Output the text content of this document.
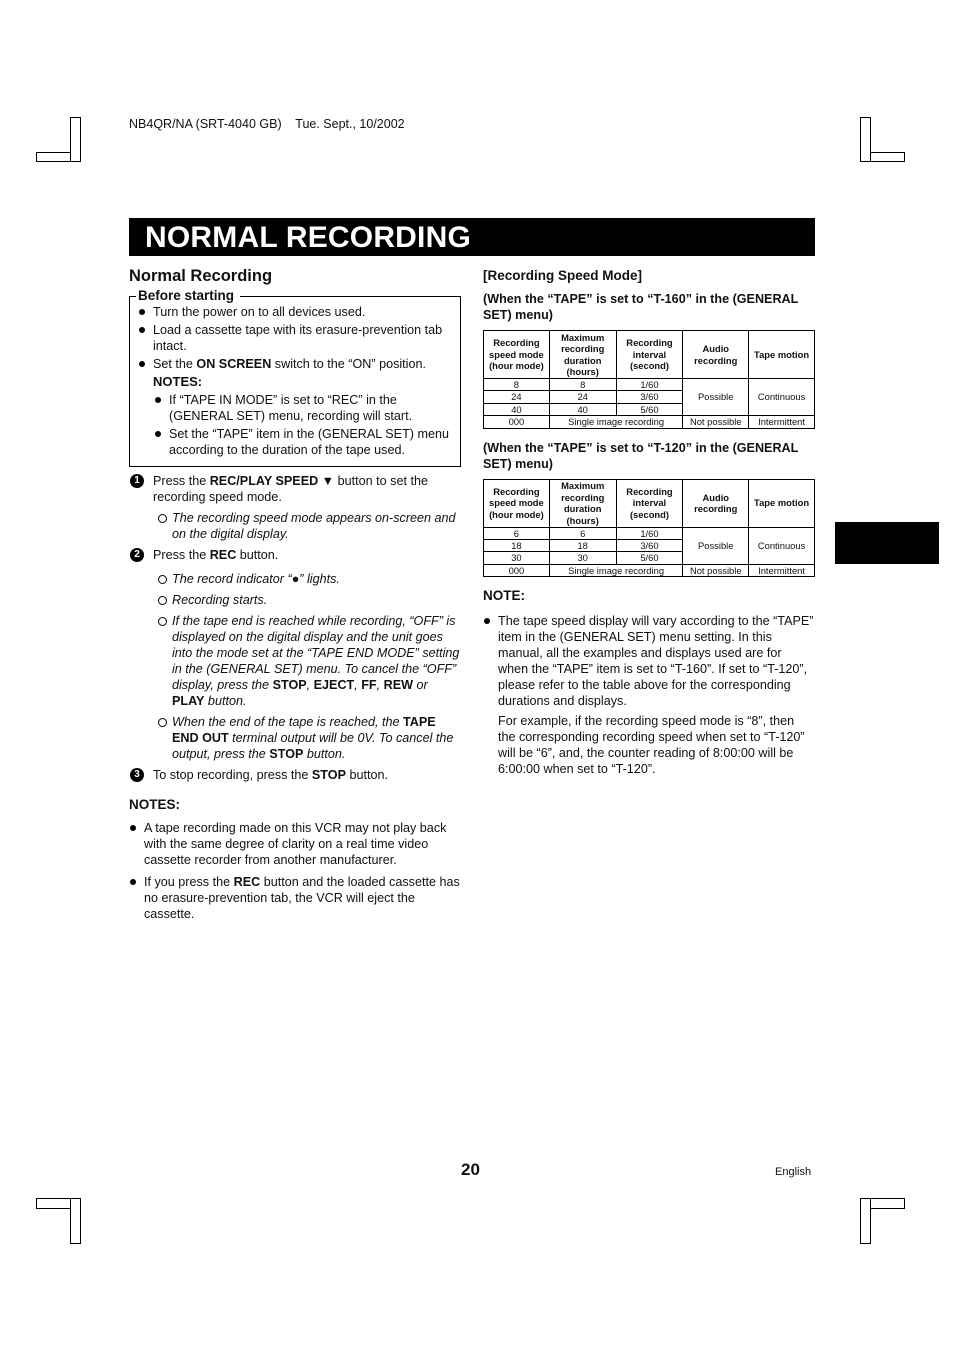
NB4QR/NA (SRT-4040 GB)    Tue. Sept., 10/2002
NORMAL RECORDING
Normal Recording
Before starting
Turn the power on to all devices used.
Load a cassette tape with its erasure-prevention tab intact.
Set the ON SCREEN switch to the “ON” position.
NOTES:
If “TAPE IN MODE” is set to “REC” in the (GENERAL SET) menu, recording will start.
Set the “TAPE” item in the (GENERAL SET) menu according to the duration of the tape used.
1	Press the REC/PLAY SPEED ▼ button to set the recording speed mode.
The recording speed mode appears on-screen and on the digital display.
2	Press the REC button.
The record indicator “●” lights.
Recording starts.
If the tape end is reached while recording, “OFF” is displayed on the digital display and the unit goes into the mode set at the “TAPE END MODE” setting in the (GENERAL SET) menu. To cancel the “OFF” display, press the STOP, EJECT, FF, REW or PLAY button.
When the end of the tape is reached, the TAPE END OUT terminal output will be 0V. To cancel the output, press the STOP button.
3	To stop recording, press the STOP button.
NOTES:
A tape recording made on this VCR may not play back with the same degree of clarity on a real time video cassette recorder from another manufacturer.
If you press the REC button and the loaded cassette has no erasure-prevention tab, the VCR will eject the cassette.
[Recording Speed Mode]
(When the “TAPE” is set to “T-160” in the (GENERAL SET) menu)
Recording speed mode (hour mode)	Maximum recording duration (hours)	Recording interval (second)	Audio recording	Tape motion
8	8	1/60	Possible	Continuous
24	24	3/60		
40	40	5/60		
000	Single image recording		Not possible	Intermittent
(When the “TAPE” is set to “T-120” in the (GENERAL SET) menu)
Recording speed mode (hour mode)	Maximum recording duration (hours)	Recording interval (second)	Audio recording	Tape motion
6	6	1/60	Possible	Continuous
18	18	3/60		
30	30	5/60		
000	Single image recording		Not possible	Intermittent
NOTE:
The tape speed display will vary according to the “TAPE” item in the (GENERAL SET) menu setting. In this manual, all the examples and displays used are for when the “TAPE” item is set to “T-160”. If set to “T-120”, please refer to the table above for the corresponding durations and displays.
For example, if the recording speed mode is “8”, then the corresponding recording speed when set to “T-120” will be “6”, and, the counter reading of 8:00:00 will be 6:00:00 when set to “T-120”.
20	English
